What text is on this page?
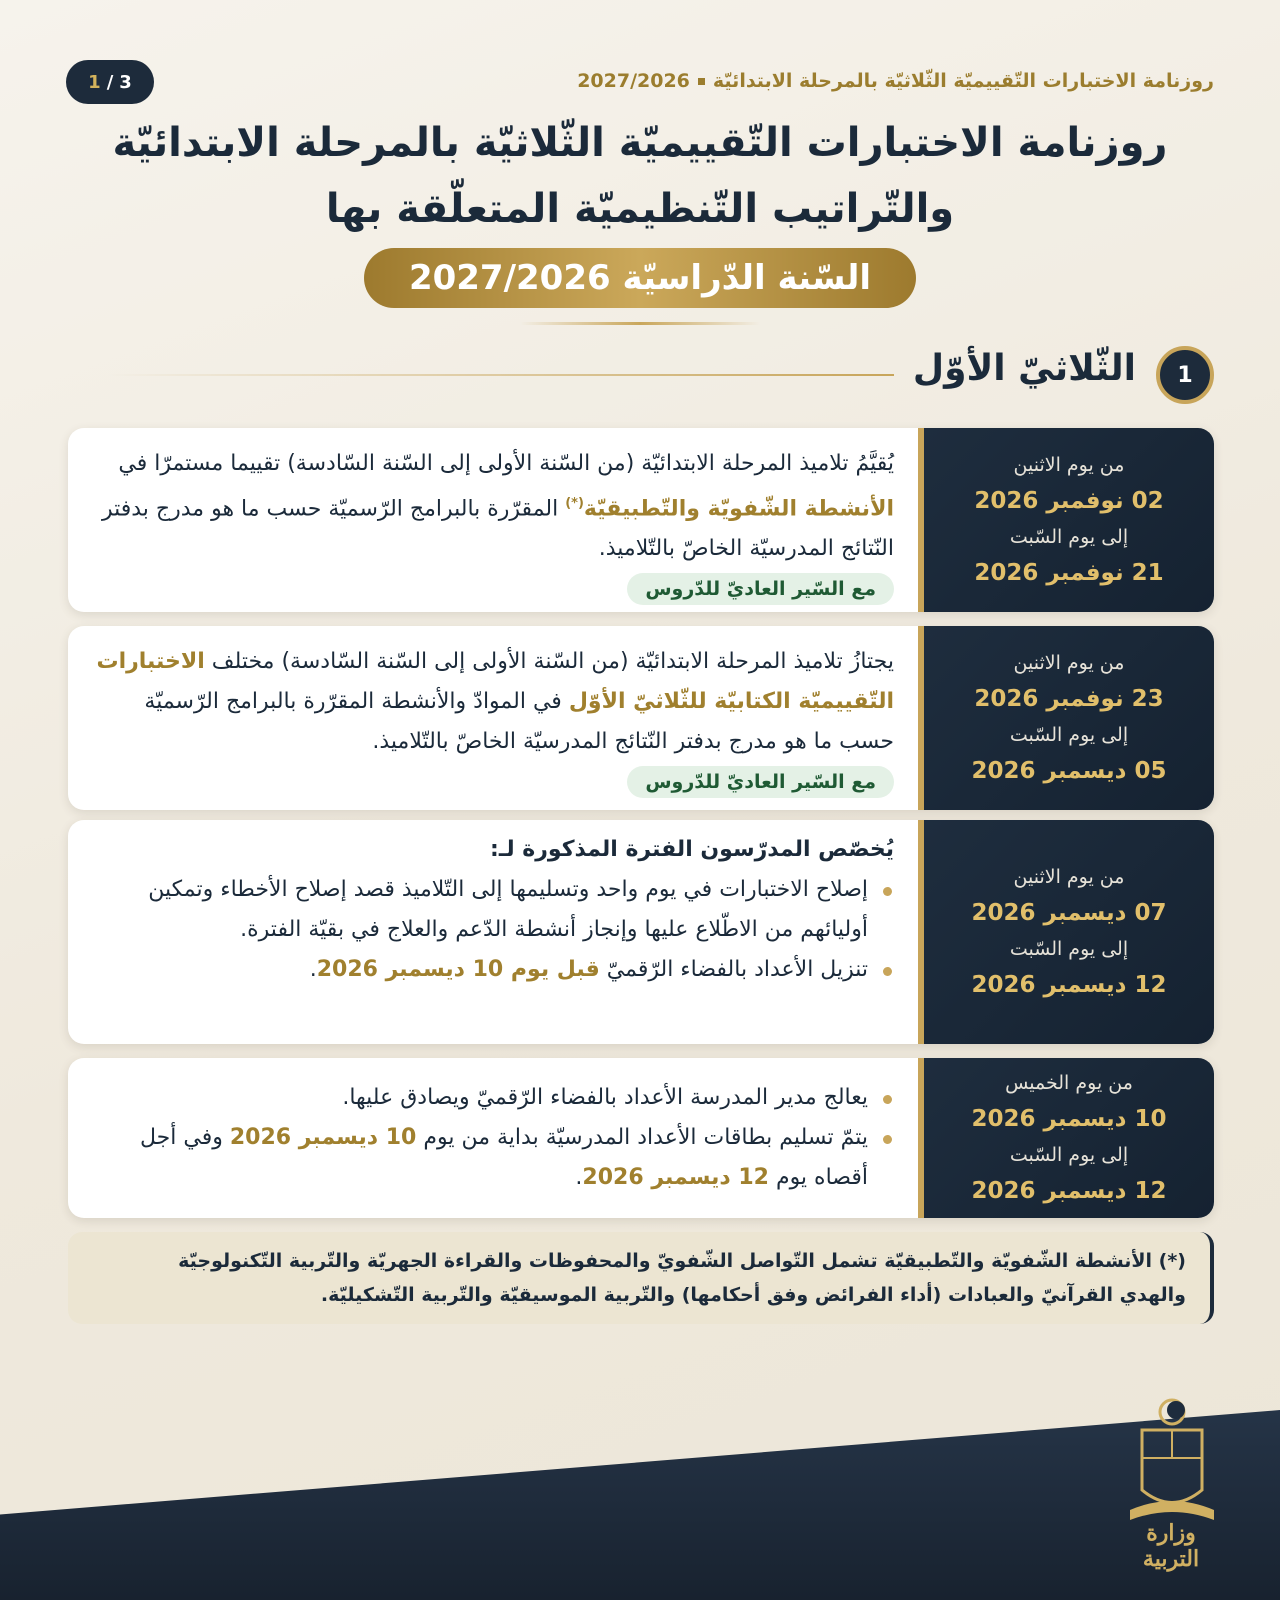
1 / 3	روزنامة الاختبارات التّقييميّة الثّلاثيّة بالمرحلة الابتدائيّة2027/2026
روزنامة الاختبارات التّقييميّة الثّلاثيّة بالمرحلة الابتدائيّة
والتّراتيب التّنظيميّة المتعلّقة بها
السّنة الدّراسيّة 2027/2026
1
الثّلاثيّ الأوّل
من يوم الاثنين
02 نوفمبر 2026
إلى يوم السّبت
21 نوفمبر 2026
يُقيَّمُ تلاميذ المرحلة الابتدائيّة (من السّنة الأولى إلى السّنة السّادسة) تقييما مستمرّا في الأنشطة الشّفويّة والتّطبيقيّة(*) المقرّرة بالبرامج الرّسميّة حسب ما هو مدرج بدفتر النّتائج المدرسيّة الخاصّ بالتّلاميذ.
مع السّير العاديّ للدّروس
من يوم الاثنين
23 نوفمبر 2026
إلى يوم السّبت
05 ديسمبر 2026
يجتازُ تلاميذ المرحلة الابتدائيّة (من السّنة الأولى إلى السّنة السّادسة) مختلف الاختبارات التّقييميّة الكتابيّة للثّلاثيّ الأوّل في الموادّ والأنشطة المقرّرة بالبرامج الرّسميّة حسب ما هو مدرج بدفتر النّتائج المدرسيّة الخاصّ بالتّلاميذ.
مع السّير العاديّ للدّروس
من يوم الاثنين
07 ديسمبر 2026
إلى يوم السّبت
12 ديسمبر 2026
يُخصّص المدرّسون الفترة المذكورة لـ:
إصلاح الاختبارات في يوم واحد وتسليمها إلى التّلاميذ قصد إصلاح الأخطاء وتمكين أوليائهم من الاطّلاع عليها وإنجاز أنشطة الدّعم والعلاج في بقيّة الفترة.
تنزيل الأعداد بالفضاء الرّقميّ قبل يوم 10 ديسمبر 2026.
من يوم الخميس
10 ديسمبر 2026
إلى يوم السّبت
12 ديسمبر 2026
يعالج مدير المدرسة الأعداد بالفضاء الرّقميّ ويصادق عليها.
يتمّ تسليم بطاقات الأعداد المدرسيّة بداية من يوم 10 ديسمبر 2026 وفي أجل أقصاه يوم 12 ديسمبر 2026.
(*) الأنشطة الشّفويّة والتّطبيقيّة تشمل التّواصل الشّفويّ والمحفوظات والقراءة الجهريّة والتّربية التّكنولوجيّة
والهدي القرآنيّ والعبادات (أداء الفرائض وفق أحكامها) والتّربية الموسيقيّة والتّربية التّشكيليّة.
وزارة التربية
